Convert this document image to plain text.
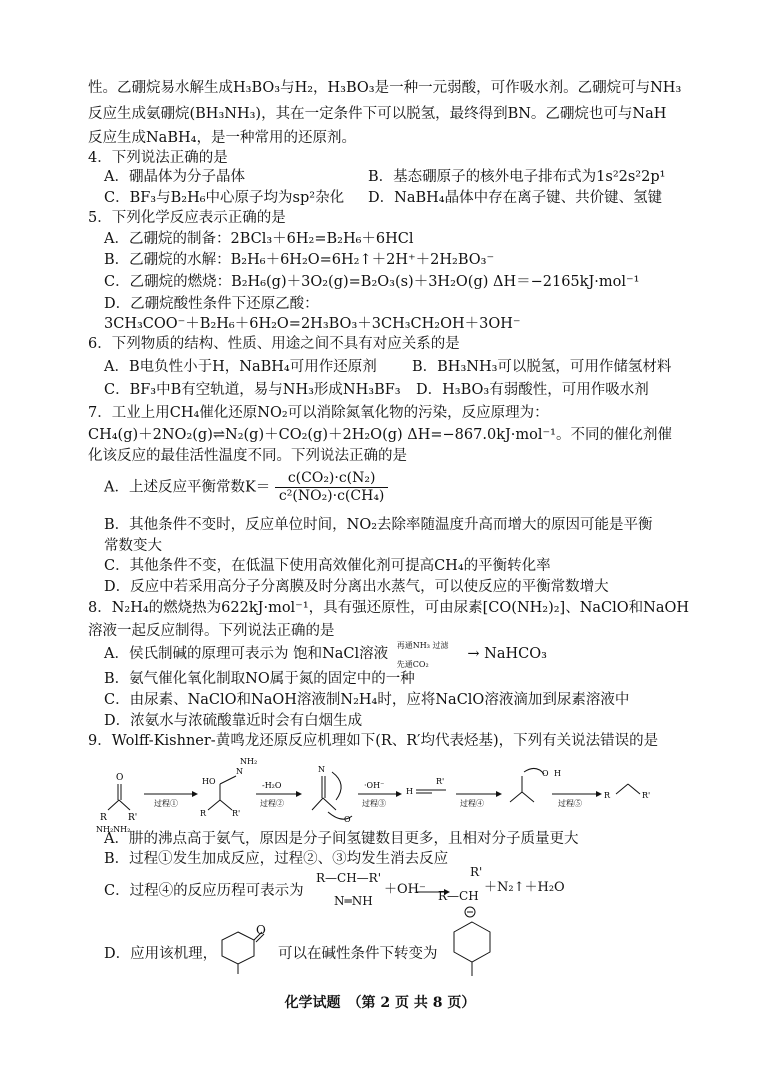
性。乙硼烷易水解生成H₃BO₃与H₂，H₃BO₃是一种一元弱酸，可作吸水剂。乙硼烷可与NH₃
反应生成氨硼烷(BH₃NH₃)，其在一定条件下可以脱氢，最终得到BN。乙硼烷也可与NaH
反应生成NaBH₄，是一种常用的还原剂。
4．下列说法正确的是
A．硼晶体为分子晶体	B．基态硼原子的核外电子排布式为1s²2s²2p¹
C．BF₃与B₂H₆中心原子均为sp²杂化 D．NaBH₄晶体中存在离子键、共价键、氢键
5．下列化学反应表示正确的是
A．乙硼烷的制备：2BCl₃＋6H₂=B₂H₆＋6HCl
B．乙硼烷的水解：B₂H₆＋6H₂O=6H₂↑＋2H⁺＋2H₂BO₃⁻
C．乙硼烷的燃烧：B₂H₆(g)＋3O₂(g)=B₂O₃(s)＋3H₂O(g) ΔH＝−2165kJ·mol⁻¹
D．乙硼烷酸性条件下还原乙酸：
3CH₃COO⁻＋B₂H₆＋6H₂O=2H₃BO₃＋3CH₃CH₂OH＋3OH⁻
6．下列物质的结构、性质、用途之间不具有对应关系的是
A．B电负性小于H，NaBH₄可用作还原剂 B．BH₃NH₃可以脱氢，可用作储氢材料
C．BF₃中B有空轨道，易与NH₃形成NH₃BF₃ D．H₃BO₃有弱酸性，可用作吸水剂
7．工业上用CH₄催化还原NO₂可以消除氮氧化物的污染，反应原理为：
CH₄(g)＋2NO₂(g)⇌N₂(g)＋CO₂(g)＋2H₂O(g) ΔH=−867.0kJ·mol⁻¹。不同的催化剂催
化该反应的最佳活性温度不同。下列说法正确的是
A．上述反应平衡常数$K= \frac{\text{c(CO₂)·c(N₂)}}{\text{c²(NO₂)·c(CH₄)}}$
B．其他条件不变时，反应单位时间，NO₂去除率随温度升高而增大的原因可能是平衡
常数变大
C．其他条件不变，在低温下使用高效催化剂可提高CH₄的平衡转化率
D．反应中若采用高分子分离膜及时分离出水蒸气，可以使反应的平衡常数增大
8．N₂H₄的燃烧热为622kJ·mol⁻¹，具有强还原性，可由尿素[CO(NH₂)₂]、NaClO和NaOH
溶液一起反应制得。下列说法正确的是
A．侯氏制碱的原理可表示为 饱和NaCl溶液
再通NH₃ 过滤
先通CO₂
→ NaHCO₃
B．氨气催化氧化制取NO属于氮的固定中的一种
C．由尿素、NaClO和NaOH溶液制N₂H₄时，应将NaClO溶液滴加到尿素溶液中
D．浓氨水与浓硫酸靠近时会有白烟生成
9．Wolff-Kishner-黄鸣龙还原反应机理如下(R、R′均代表烃基)，下列有关说法错误的是
O
R R'
NH₂NH₂
过程①
HO
N
NH₂
R	R'
-H₂O
过程②
N
O
·OH⁻
过程③
H
R'
过程④
O H
过程⑤
R	R'
A．肼的沸点高于氨气，原因是分子间氢键数目更多，且相对分子质量更大
B．过程①发生加成反应，过程②、③均发生消去反应
C．过程④的反应历程可表示为
R—CH—R'
N═NH
＋OH⁻
R'
R—CH
＋N₂↑＋H₂O
D．应用该机理，
O
可以在碱性条件下转变为
化学试题　（第 2 页 共 8 页）
